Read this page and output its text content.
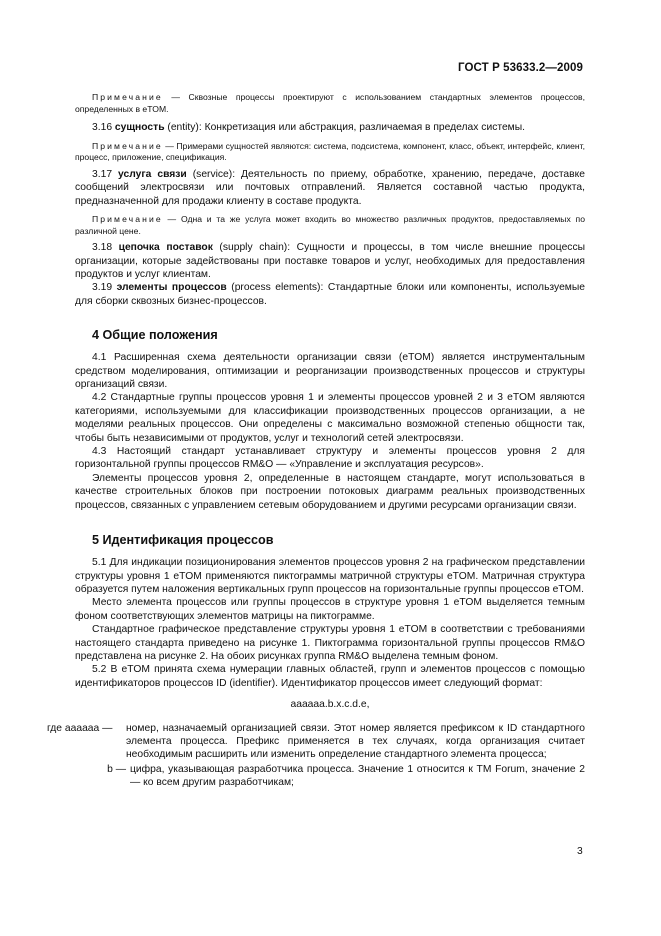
ГОСТ Р 53633.2—2009

Примечание — Сквозные процессы проектируют с использованием стандартных элементов процессов, определенных в eTOM.

3.16 сущность (entity): Конкретизация или абстракция, различаемая в пределах системы.

Примечание — Примерами сущностей являются: система, подсистема, компонент, класс, объект, интерфейс, клиент, процесс, приложение, спецификация.

3.17 услуга связи (service): Деятельность по приему, обработке, хранению, передаче, доставке сообщений электросвязи или почтовых отправлений. Является составной частью продукта, предназначенной для продажи клиенту в составе продукта.

Примечание — Одна и та же услуга может входить во множество различных продуктов, предоставляемых по различной цене.

3.18 цепочка поставок (supply chain): Сущности и процессы, в том числе внешние процессы организации, которые задействованы при поставке товаров и услуг, необходимых для предоставления продуктов и услуг клиентам.

3.19 элементы процессов (process elements): Стандартные блоки или компоненты, используемые для сборки сквозных бизнес-процессов.

4 Общие положения

4.1 Расширенная схема деятельности организации связи (eTOM) является инструментальным средством моделирования, оптимизации и реорганизации производственных процессов и структуры организаций связи.

4.2 Стандартные группы процессов уровня 1 и элементы процессов уровней 2 и 3 eTOM являются категориями, используемыми для классификации производственных процессов организации, а не моделями реальных процессов. Они определены с максимально возможной степенью общности так, чтобы быть независимыми от продуктов, услуг и технологий сетей электросвязи.

4.3 Настоящий стандарт устанавливает структуру и элементы процессов уровня 2 для горизонтальной группы процессов RM&O — «Управление и эксплуатация ресурсов».

Элементы процессов уровня 2, определенные в настоящем стандарте, могут использоваться в качестве строительных блоков при построении потоковых диаграмм реальных производственных процессов, связанных с управлением сетевым оборудованием и другими ресурсами организации связи.

5 Идентификация процессов

5.1 Для индикации позиционирования элементов процессов уровня 2 на графическом представлении структуры уровня 1 eTOM применяются пиктограммы матричной структуры eTOM. Матричная структура образуется путем наложения вертикальных групп процессов на горизонтальные группы процессов eTOM.

Место элемента процессов или группы процессов в структуре уровня 1 eTOM выделяется темным фоном соответствующих элементов матрицы на пиктограмме.

Стандартное графическое представление структуры уровня 1 eTOM в соответствии с требованиями настоящего стандарта приведено на рисунке 1. Пиктограмма горизонтальной группы процессов RM&O представлена на рисунке 2. На обоих рисунках группа RM&O выделена темным фоном.

5.2 В eTOM принята схема нумерации главных областей, групп и элементов процессов с помощью идентификаторов процессов ID (identifier). Идентификатор процессов имеет следующий формат:

aaaaaa.b.x.c.d.e,

где aaaaaa —	номер, назначаемый организацией связи. Этот номер является префиксом к ID стандартного элемента процесса. Префикс применяется в тех случаях, когда организация считает необходимым расширить или изменить определение стандартного элемента процесса;
b — цифра, указывающая разработчика процесса. Значение 1 относится к TM Forum, значение 2 — ко всем другим разработчикам;
3
